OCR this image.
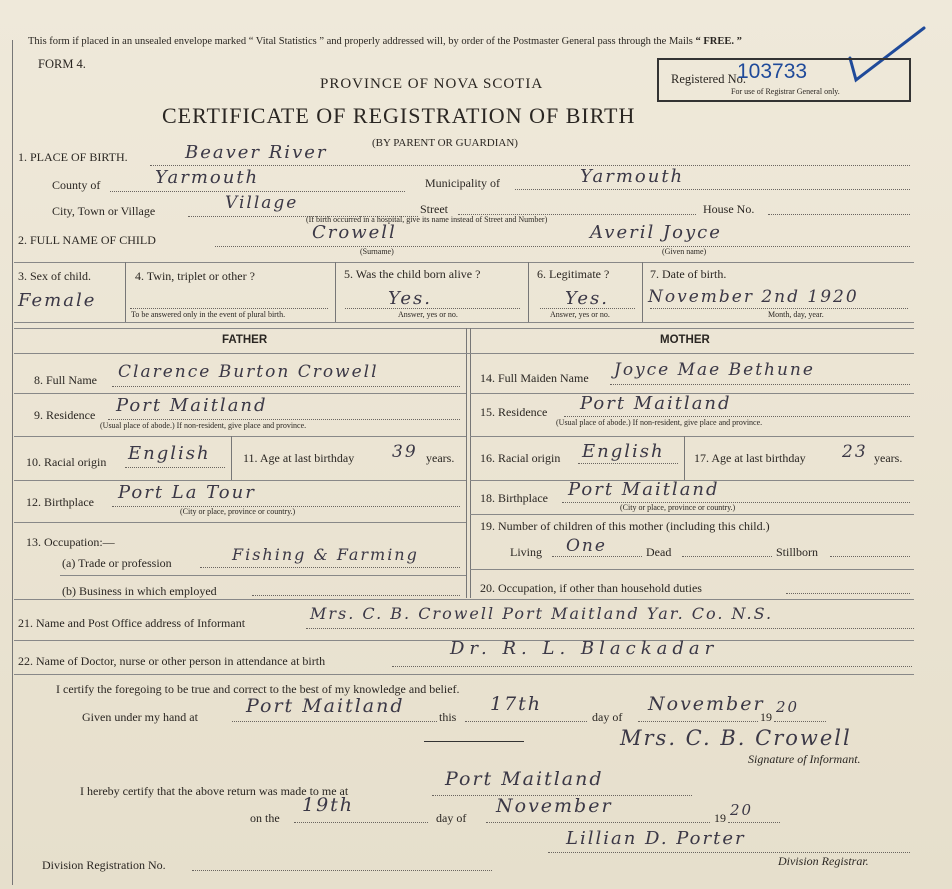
This form if placed in an unsealed envelope marked “ Vital Statistics ” and properly addressed will, by order of the Postmaster General pass through the Mails “ FREE. ”
FORM 4.
PROVINCE OF NOVA SCOTIA	Registered No.
103733
For use of Registrar General only.
CERTIFICATE OF REGISTRATION OF BIRTH
(BY PARENT OR GUARDIAN)
1. PLACE OF BIRTH.	Beaver River
County of	Yarmouth	Municipality of	Yarmouth
City, Town or Village	Village	Street	House No.
(If birth occurred in a hospital, give its name instead of Street and Number)
2. FULL NAME OF CHILD	Crowell	Averil Joyce
(Surname)	(Given name)
3. Sex of child.
Female
4. Twin, triplet or other ?
To be answered only in the event of plural birth.
5. Was the child born alive ?
Yes.
Answer, yes or no.
6. Legitimate ?
Yes.
Answer, yes or no.
7. Date of birth.
November 2nd 1920
Month, day, year.
FATHER	MOTHER
8. Full Name Clarence Burton Crowell
9. Residence Port Maitland
(Usual place of abode.) If non-resident, give place and province.
10. Racial origin English	11. Age at last birthday 39 years.
12. Birthplace Port La Tour
(City or place, province or country.)
13. Occupation:—
(a) Trade or profession	Fishing & Farming
(b) Business in which employed
14. Full Maiden Name Joyce Mae Bethune
15. Residence Port Maitland
(Usual place of abode.) If non-resident, give place and province.
16. Racial origin English 17. Age at last birthday 23 years.
18. Birthplace Port Maitland
(City or place, province or country.)
19. Number of children of this mother (including this child.)
Living One	Dead	Stillborn
20. Occupation, if other than household duties
21. Name and Post Office address of Informant	Mrs. C. B. Crowell Port Maitland Yar. Co. N.S.
22. Name of Doctor, nurse or other person in attendance at birth
Dr. R. L. Blackadar
I certify the foregoing to be true and correct to the best of my knowledge and belief.
Given under my hand at	Port Maitland	this
17th
day of
November
19
20
Mrs. C. B. Crowell
Signature of Informant.
I hereby certify that the above return was made to me at
Port Maitland
on the
19th
day of
November
19 20
Lillian D. Porter
Division Registrar.
Division Registration No.
